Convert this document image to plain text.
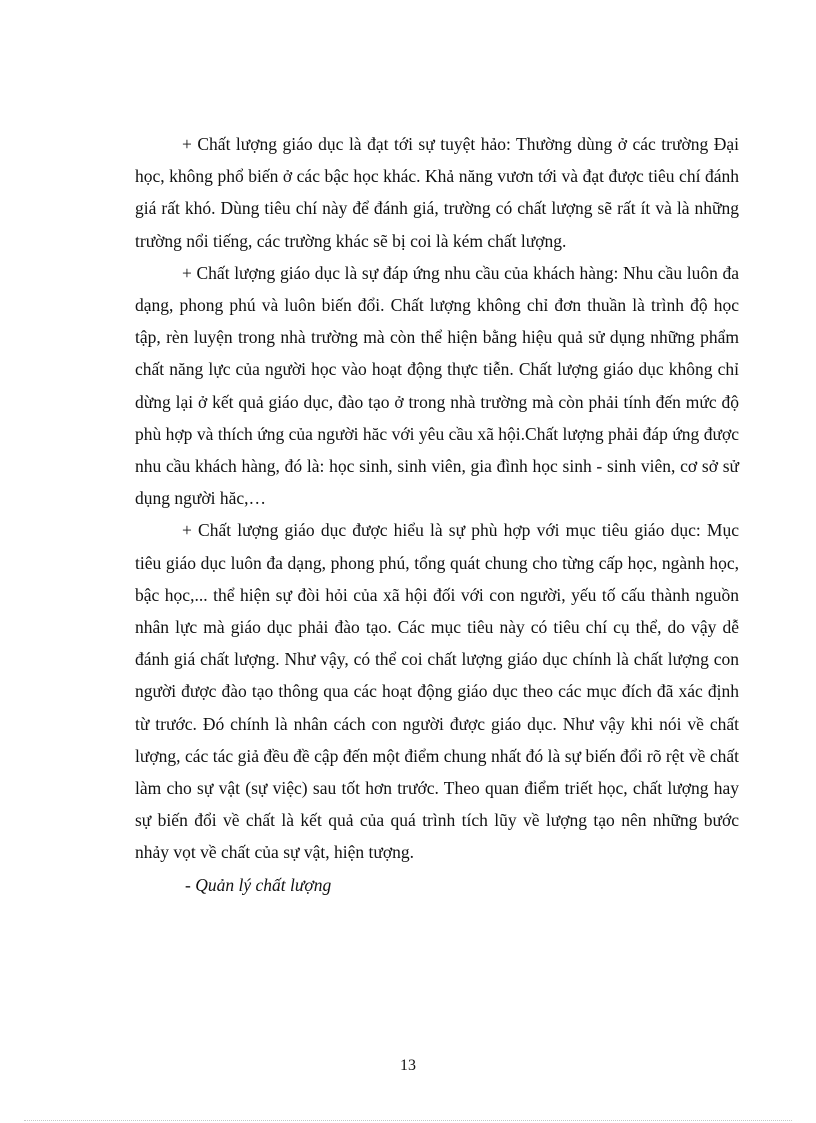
+ Chất lượng giáo dục là đạt tới sự tuyệt hảo: Thường dùng ở các trường Đại học, không phổ biến ở các bậc học khác. Khả năng vươn tới và đạt được tiêu chí đánh giá rất khó. Dùng tiêu chí này để đánh giá, trường có chất lượng sẽ rất ít và là những trường nổi tiếng, các trường khác sẽ bị coi là kém chất lượng.

+ Chất lượng giáo dục là sự đáp ứng nhu cầu của khách hàng: Nhu cầu luôn đa dạng, phong phú và luôn biến đổi. Chất lượng không chỉ đơn thuần là trình độ học tập, rèn luyện trong nhà trường mà còn thể hiện bằng hiệu quả sử dụng những phẩm chất năng lực của người học vào hoạt động thực tiễn. Chất lượng giáo dục không chỉ dừng lại ở kết quả giáo dục, đào tạo ở trong nhà trường mà còn phải tính đến mức độ phù hợp và thích ứng của người hăc với yêu cầu xã hội.Chất lượng phải đáp ứng được nhu cầu khách hàng, đó là: học sinh, sinh viên, gia đình học sinh - sinh viên, cơ sở sử dụng người hăc,…

+ Chất lượng giáo dục được hiểu là sự phù hợp với mục tiêu giáo dục: Mục tiêu giáo dục luôn đa dạng, phong phú, tổng quát chung cho từng cấp học, ngành học, bậc học,... thể hiện sự đòi hỏi của xã hội đối với con người, yếu tố cấu thành nguồn nhân lực mà giáo dục phải đào tạo. Các mục tiêu này có tiêu chí cụ thể, do vậy dễ đánh giá chất lượng. Như vậy, có thể coi chất lượng giáo dục chính là chất lượng con người được đào tạo thông qua các hoạt động giáo dục theo các mục đích đã xác định từ trước. Đó chính là nhân cách con người được giáo dục. Như vậy khi nói về chất lượng, các tác giả đều đề cập đến một điểm chung nhất đó là sự biến đổi rõ rệt về chất làm cho sự vật (sự việc) sau tốt hơn trước. Theo quan điểm triết học, chất lượng hay sự biến đổi về chất là kết quả của quá trình tích lũy về lượng tạo nên những bước nhảy vọt về chất của sự vật, hiện tượng.

- Quản lý chất lượng

13
